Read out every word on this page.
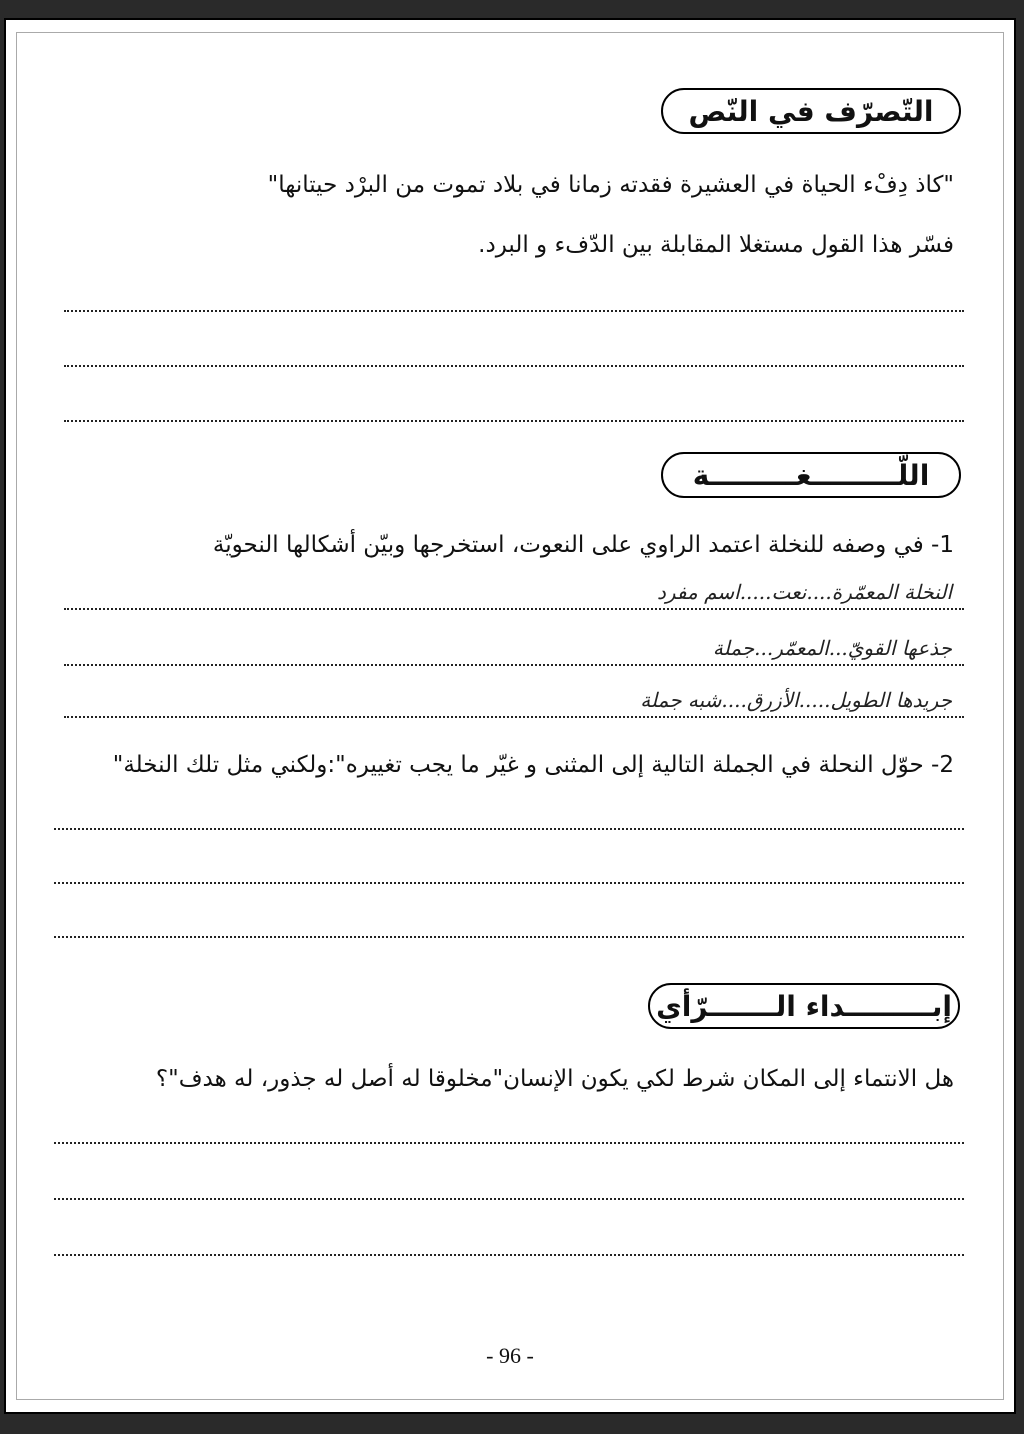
التّصرّف في النّص
"كاذ دِفْء الحياة في العشيرة فقدته زمانا في بلاد تموت من البرْد حيتانها"
فسّر هذا القول مستغلا المقابلة بين الدّفء و البرد.
اللّـــــــــغـــــــــة
1- في وصفه للنخلة اعتمد الراوي على النعوت، استخرجها وبيّن أشكالها النحويّة
النخلة المعمّرة....نعت.....اسم مفرد
جذعها القويّ...المعمّر...جملة
جريدها الطويل.....الأزرق....شبه جملة
2- حوّل النحلة في الجملة التالية إلى المثنى و غيّر ما يجب تغييره":ولكني مثل تلك النخلة"
إبـــــــــداء الـــــــرّأي
هل الانتماء إلى المكان شرط لكي يكون الإنسان"مخلوقا له أصل له جذور، له هدف"؟
- 96 -
